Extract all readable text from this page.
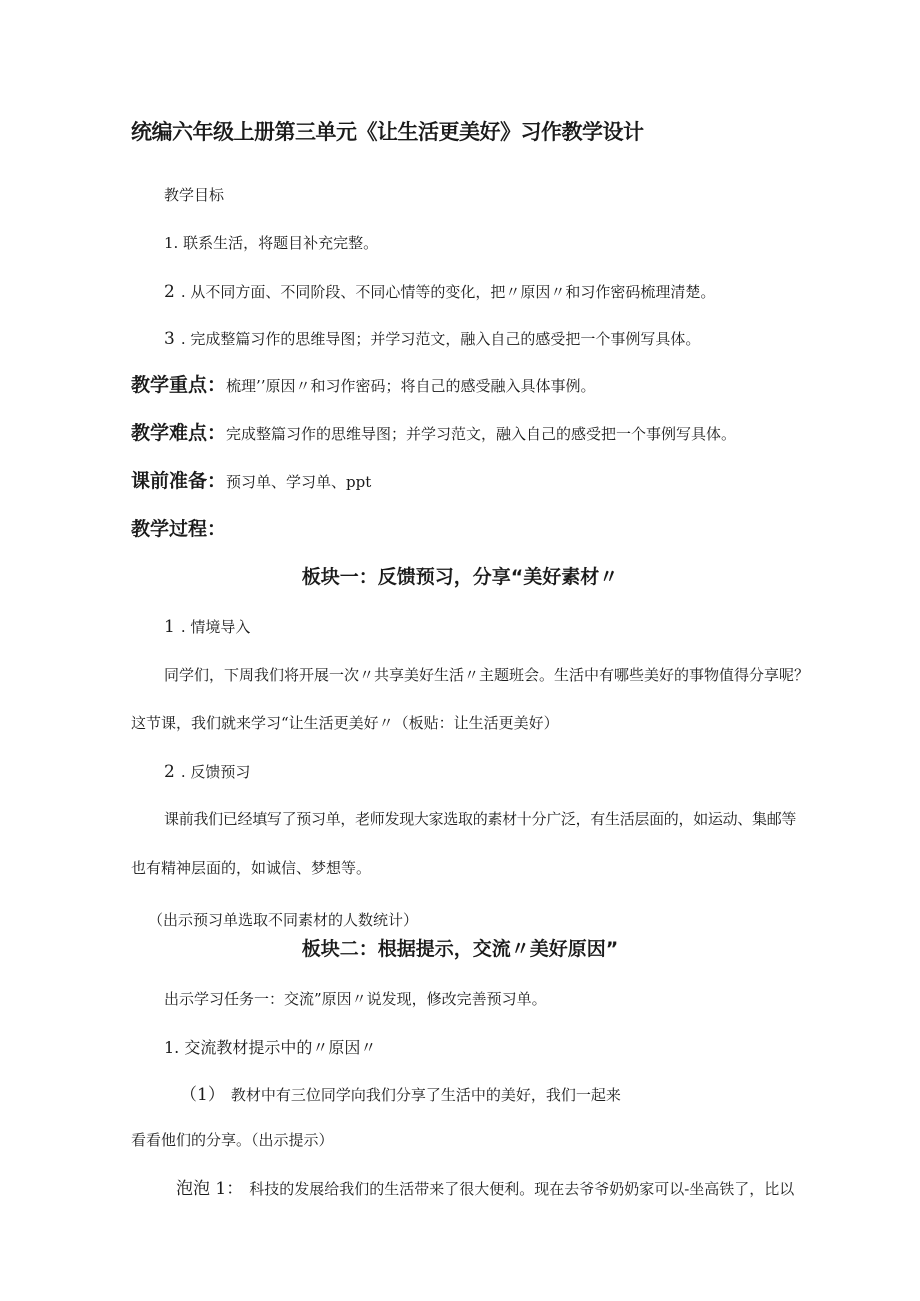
统编六年级上册第三单元《让生活更美好》习作教学设计
教学目标
1. 联系生活，将题目补充完整。
2 . 从不同方面、不同阶段、不同心情等的变化，把〃原因〃和习作密码梳理清楚。
3 . 完成整篇习作的思维导图；并学习范文，融入自己的感受把一个事例写具体。
教学重点：梳理’’原因〃和习作密码；将自己的感受融入具体事例。
教学难点：完成整篇习作的思维导图；并学习范文，融入自己的感受把一个事例写具体。
课前准备：预习单、学习单、ppt
教学过程：
板块一：反馈预习，分享“美好素材〃
1 . 情境导入
同学们，下周我们将开展一次〃共享美好生活〃主题班会。生活中有哪些美好的事物值得分享呢？
这节课，我们就来学习“让生活更美好〃（板贴：让生活更美好）
2 . 反馈预习
课前我们已经填写了预习单，老师发现大家选取的素材十分广泛，有生活层面的，如运动、集邮等
也有精神层面的，如诚信、梦想等。
（出示预习单选取不同素材的人数统计）
板块二：根据提示，交流〃美好原因”
出示学习任务一：交流”原因〃说发现，修改完善预习单。
1. 交流教材提示中的〃原因〃
（1） 教材中有三位同学向我们分享了生活中的美好，我们一起来
看看他们的分享。（出示提示）
泡泡 1： 科技的发展给我们的生活带来了很大便利。现在去爷爷奶奶家可以-坐高铁了，比以
